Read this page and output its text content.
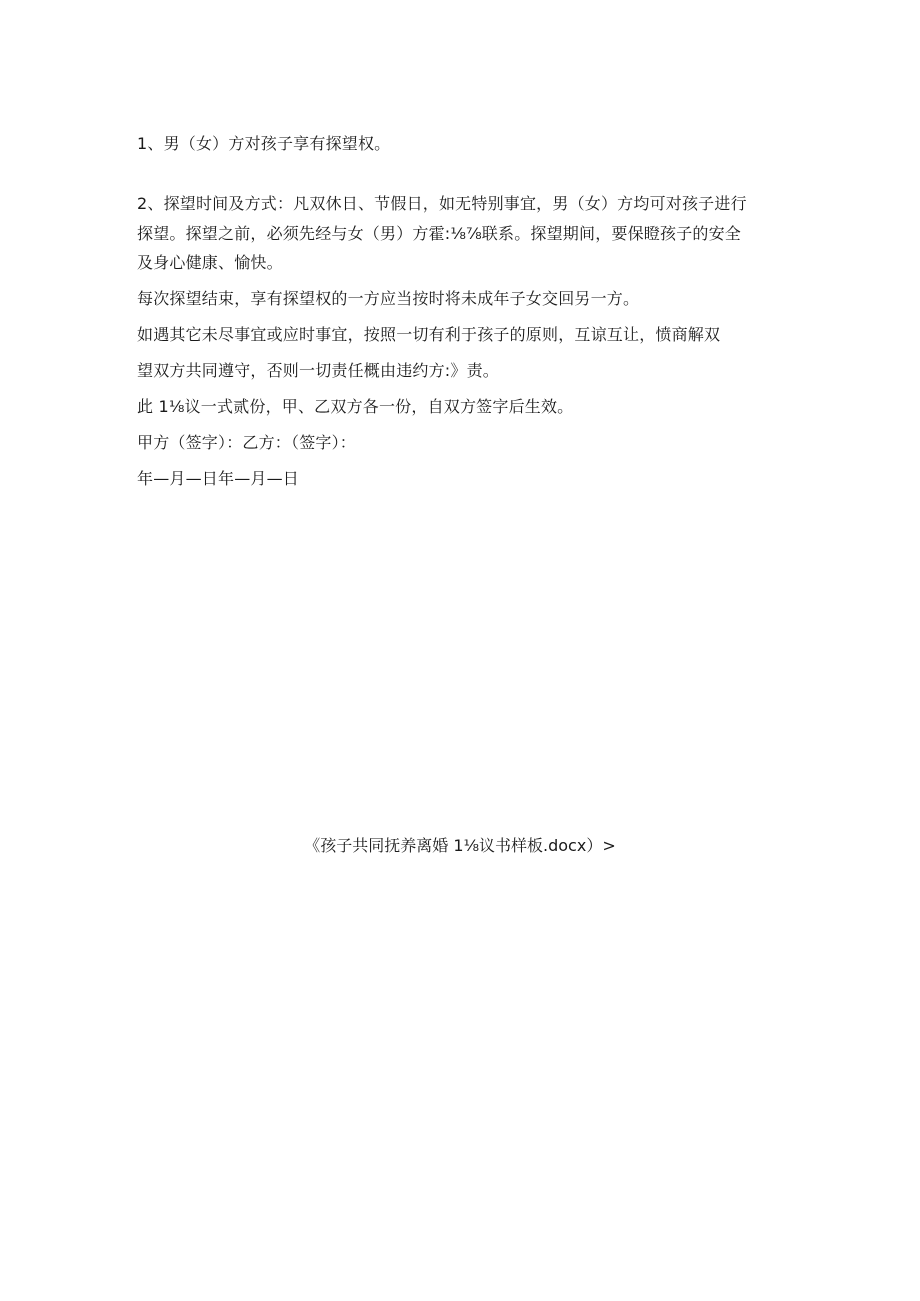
1、男（女）方对孩子享有探望权。
2、探望时间及方式：凡双休日、节假日，如无特别事宜，男（女）方均可对孩子进行
探望。探望之前，必须先经与女（男）方霍:⅛⅞联系。探望期间，要保瞪孩子的安全
及身心健康、愉快。
每次探望结束，享有探望权的一方应当按时将未成年子女交回另一方。
如遇其它未尽事宜或应时事宜，按照一切有利于孩子的原则，互谅互让，愤商解双
望双方共同遵守，否则一切责任概由违约方:》责。
此 1⅛议一式贰份，甲、乙双方各一份，自双方签字后生效。
甲方（签字）：乙方：（签字）：
年—月—日年—月—日
《孩子共同抚养离婚 1⅛议书样板.docx）>
